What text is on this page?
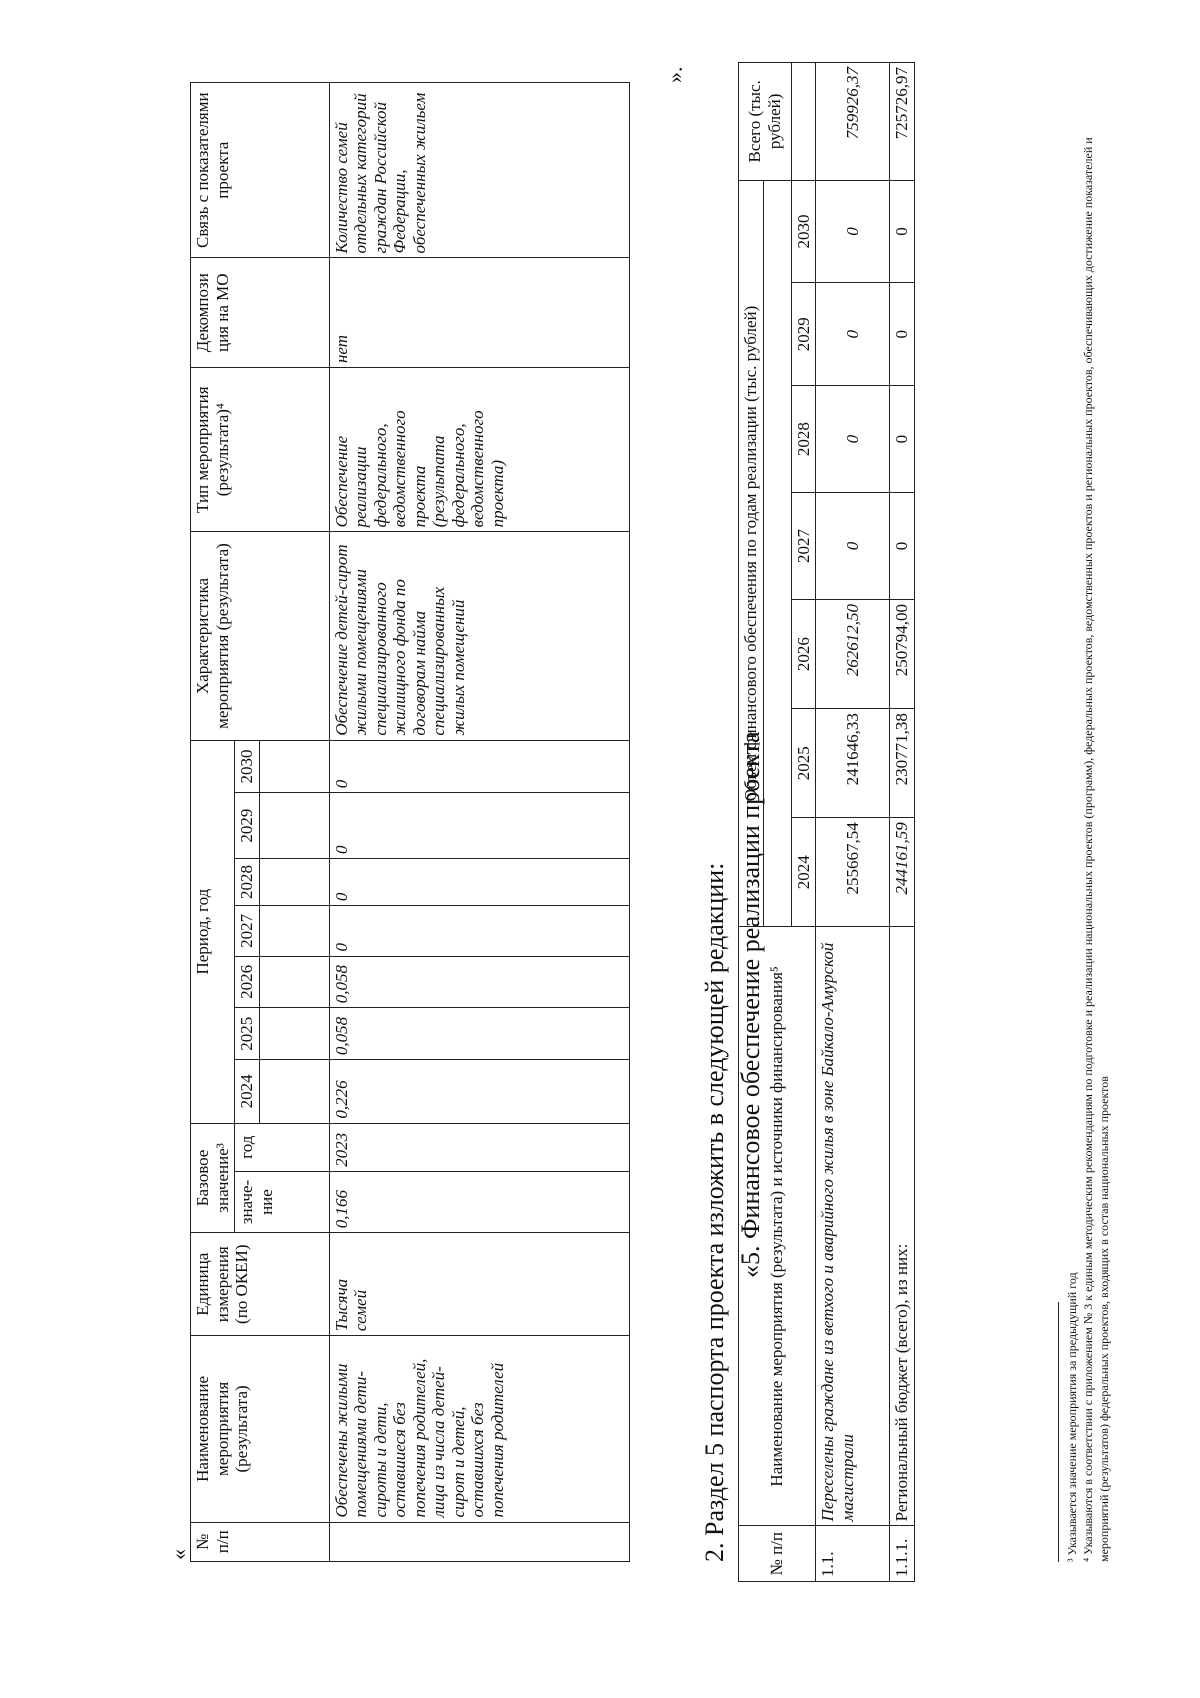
«
№ п/п	Наименование мероприятия (результата)	Единица измерения (по ОКЕИ)	Базовое значение³		Период, год							Характеристика мероприятия (результата)	Тип мероприятия (результата)⁴	Декомпози ция на МО	Связь с показателями проекта
			значе-ние	год	2024	2025	2026	2027	2028	2029	2030				

	Обеспечены жилыми помещениями дети-сироты и дети, оставшиеся без попечения родителей, лица из числа детей-сирот и детей, оставшихся без попечения родителей	Тысяча семей	0,166	2023	0,226	0,058	0,058	0	0	0	0	Обеспечение детей-сирот жилыми помещениями специализированного жилищного фонда по договорам найма специализированных жилых помещений	Обеспечение реализации федерального, ведомственного проекта (результата федерального, ведомственного проекта)	нет	Количество семей отдельных категорий граждан Российской Федерации, обеспеченных жильем
».
2. Раздел 5 паспорта проекта изложить в следующей редакции: «5. Финансовое обеспечение реализации проекта
№ п/п	Наименование мероприятия (результата) и источники финансирования⁵	Объем финансового обеспечения по годам реализации (тыс. рублей)							Всего (тыс. рублей)

		2024	2025	2026	2027	2028	2029	2030	
1.1.	Переселены граждане из ветхого и аварийного жилья в зоне Байкало-Амурской магистрали	255667,54	241646,33	262612,50	0	0	0	0	759926,37
1.1.1.	Региональный бюджет (всего), из них:	244161,59	230771,38	250794,00	0	0	0	0	725726,97
³ Указывается значение мероприятия за предыдущий год ⁴ Указываются в соответствии с приложением № 3 к единым методическим рекомендациям по подготовке и реализации национальных проектов (программ), федеральных проектов, ведомственных проектов и региональных проектов, обеспечивающих достижение показателей и мероприятий (результатов) федеральных проектов, входящих в состав национальных проектов
